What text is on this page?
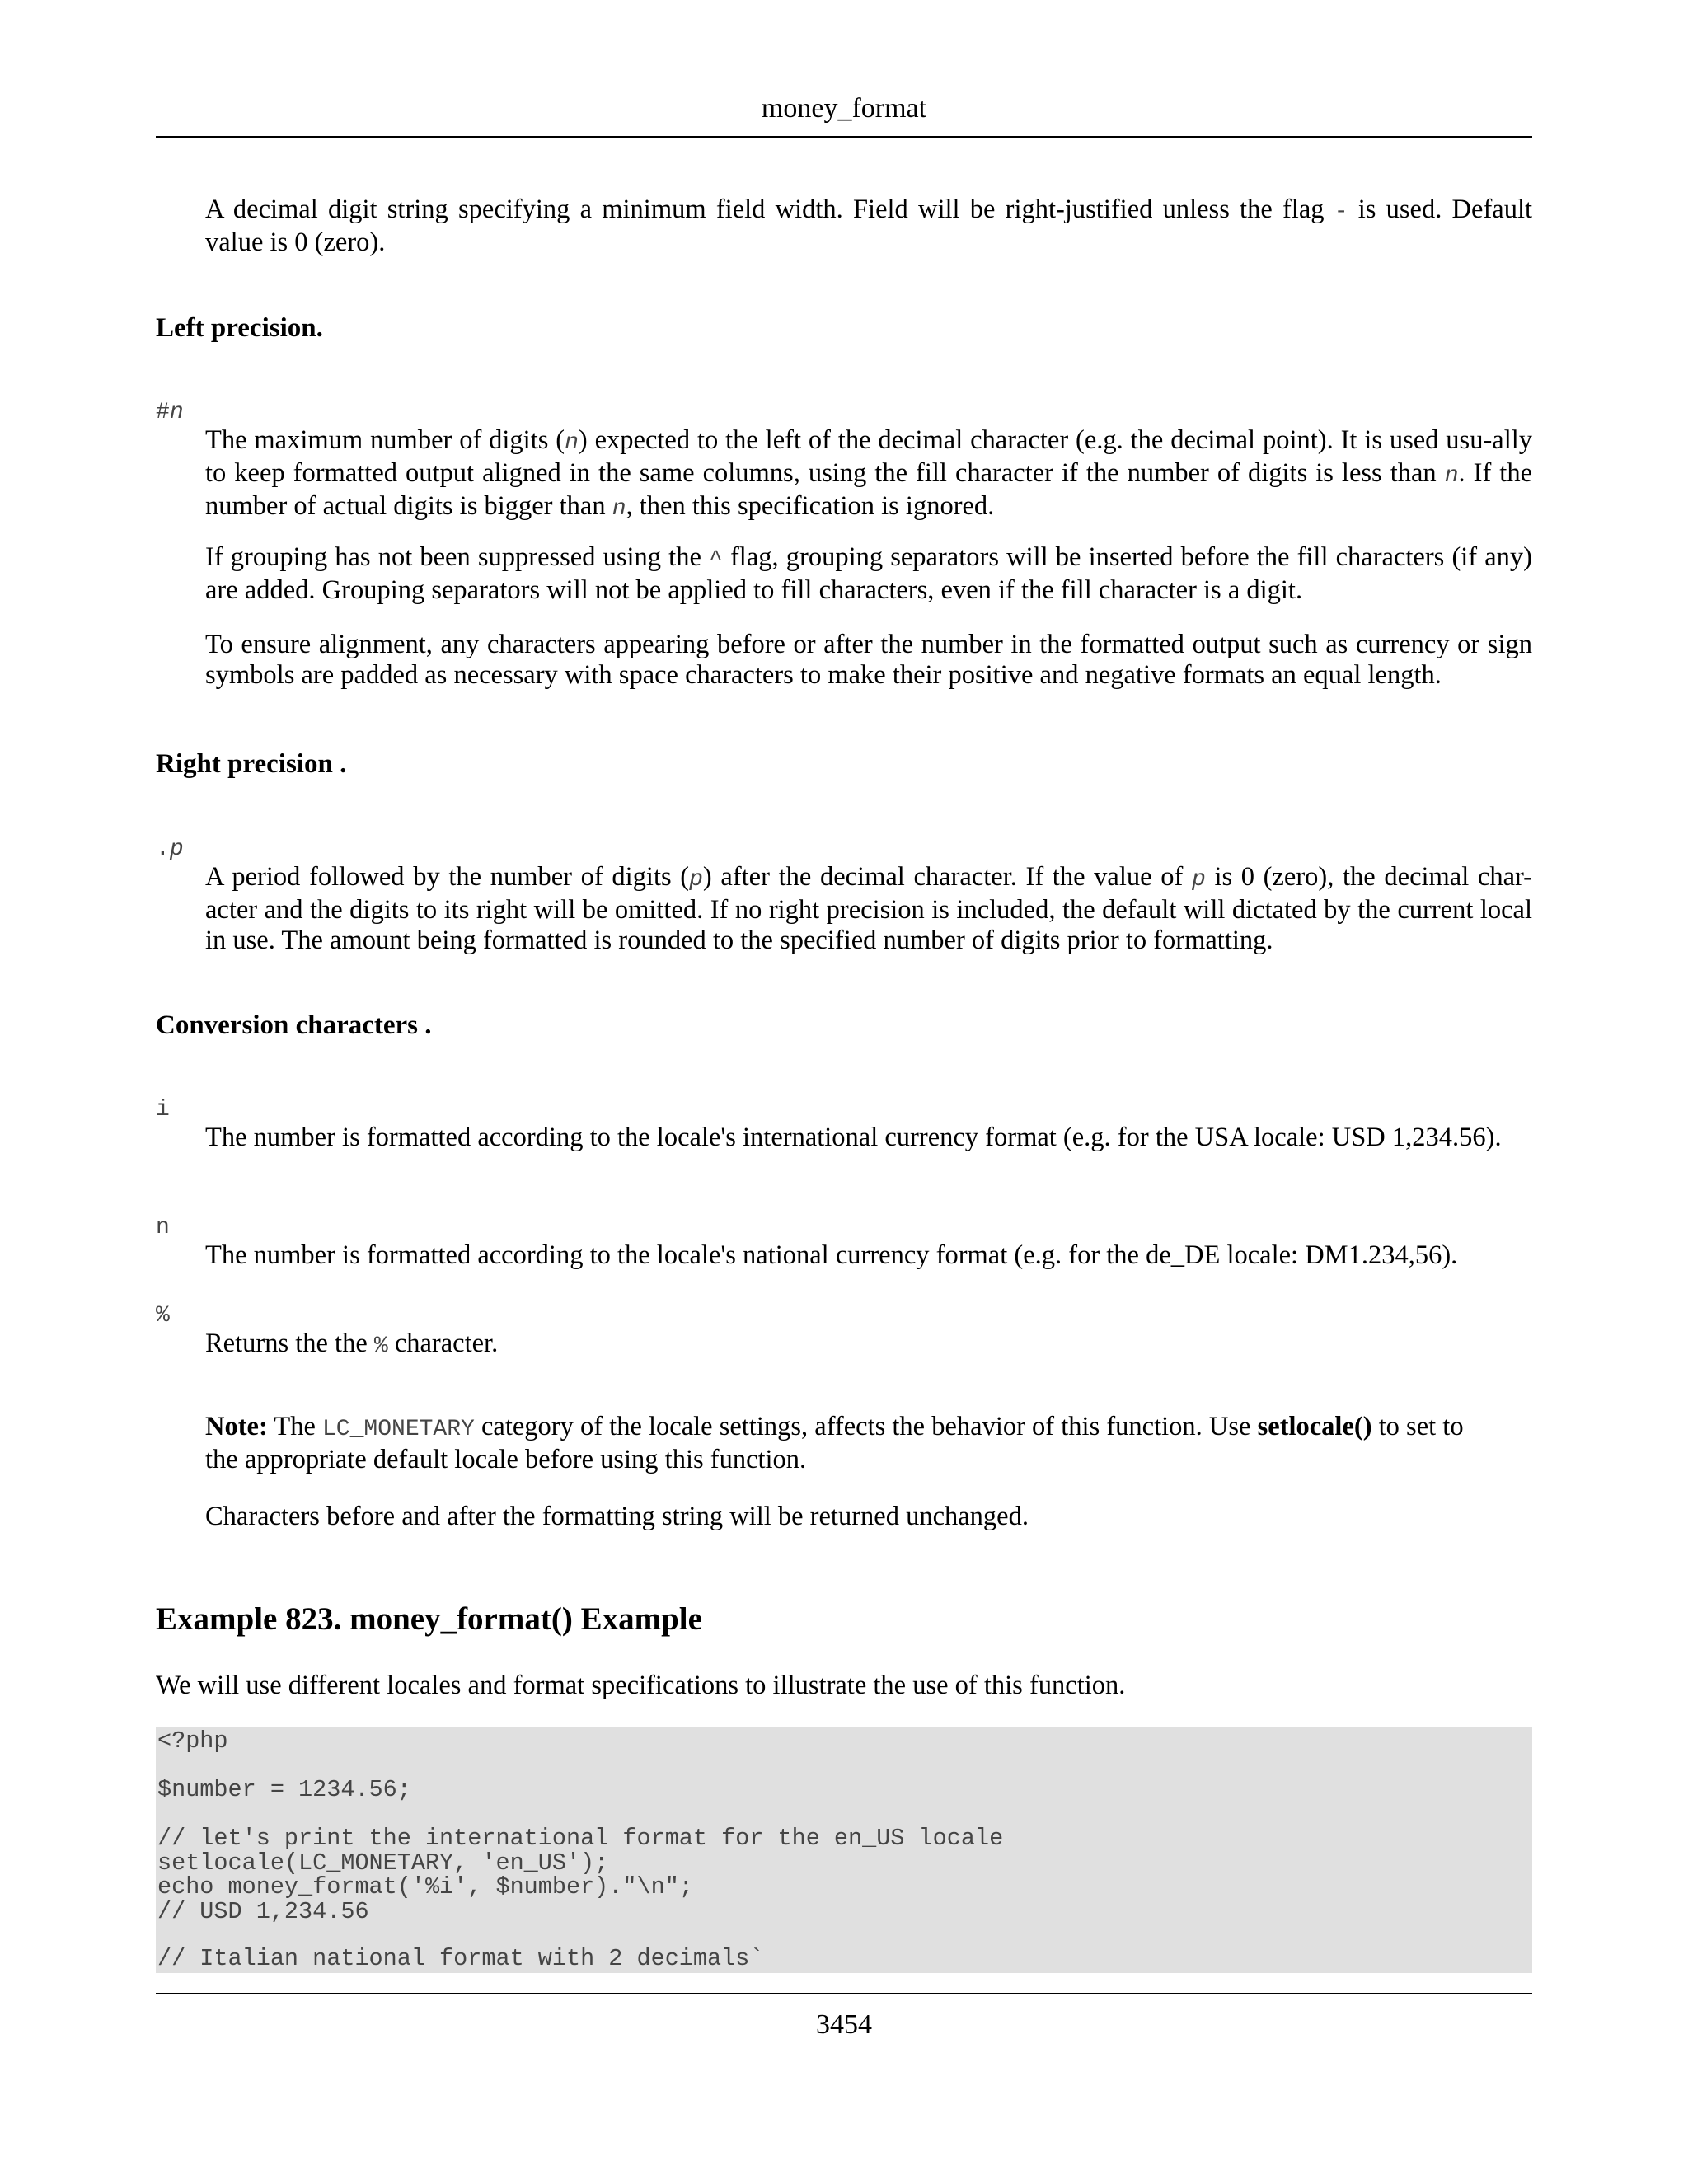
money_format
A decimal digit string specifying a minimum field width. Field will be right-justified unless the flag - is used. Default value is 0 (zero).
Left precision.
#n
The maximum number of digits (n) expected to the left of the decimal character (e.g. the decimal point). It is used usu-ally to keep formatted output aligned in the same columns, using the fill character if the number of digits is less than n. If the number of actual digits is bigger than n, then this specification is ignored.
If grouping has not been suppressed using the ^ flag, grouping separators will be inserted before the fill characters (if any) are added. Grouping separators will not be applied to fill characters, even if the fill character is a digit.
To ensure alignment, any characters appearing before or after the number in the formatted output such as currency or sign symbols are padded as necessary with space characters to make their positive and negative formats an equal length.
Right precision .
.p
A period followed by the number of digits (p) after the decimal character. If the value of p is 0 (zero), the decimal char-acter and the digits to its right will be omitted. If no right precision is included, the default will dictated by the current local in use. The amount being formatted is rounded to the specified number of digits prior to formatting.
Conversion characters .
i
The number is formatted according to the locale's international currency format (e.g. for the USA locale: USD 1,234.56).
n
The number is formatted according to the locale's national currency format (e.g. for the de_DE locale: DM1.234,56).
%
Returns the the % character.
Note: The LC_MONETARY category of the locale settings, affects the behavior of this function. Use setlocale() to set to the appropriate default locale before using this function.
Characters before and after the formatting string will be returned unchanged.
Example 823. money_format() Example
We will use different locales and format specifications to illustrate the use of this function.
<?php
$number = 1234.56;
// let's print the international format for the en_US locale
setlocale(LC_MONETARY, 'en_US');
echo money_format('%i', $number)."\n";
// USD 1,234.56
// Italian national format with 2 decimals`
3454
